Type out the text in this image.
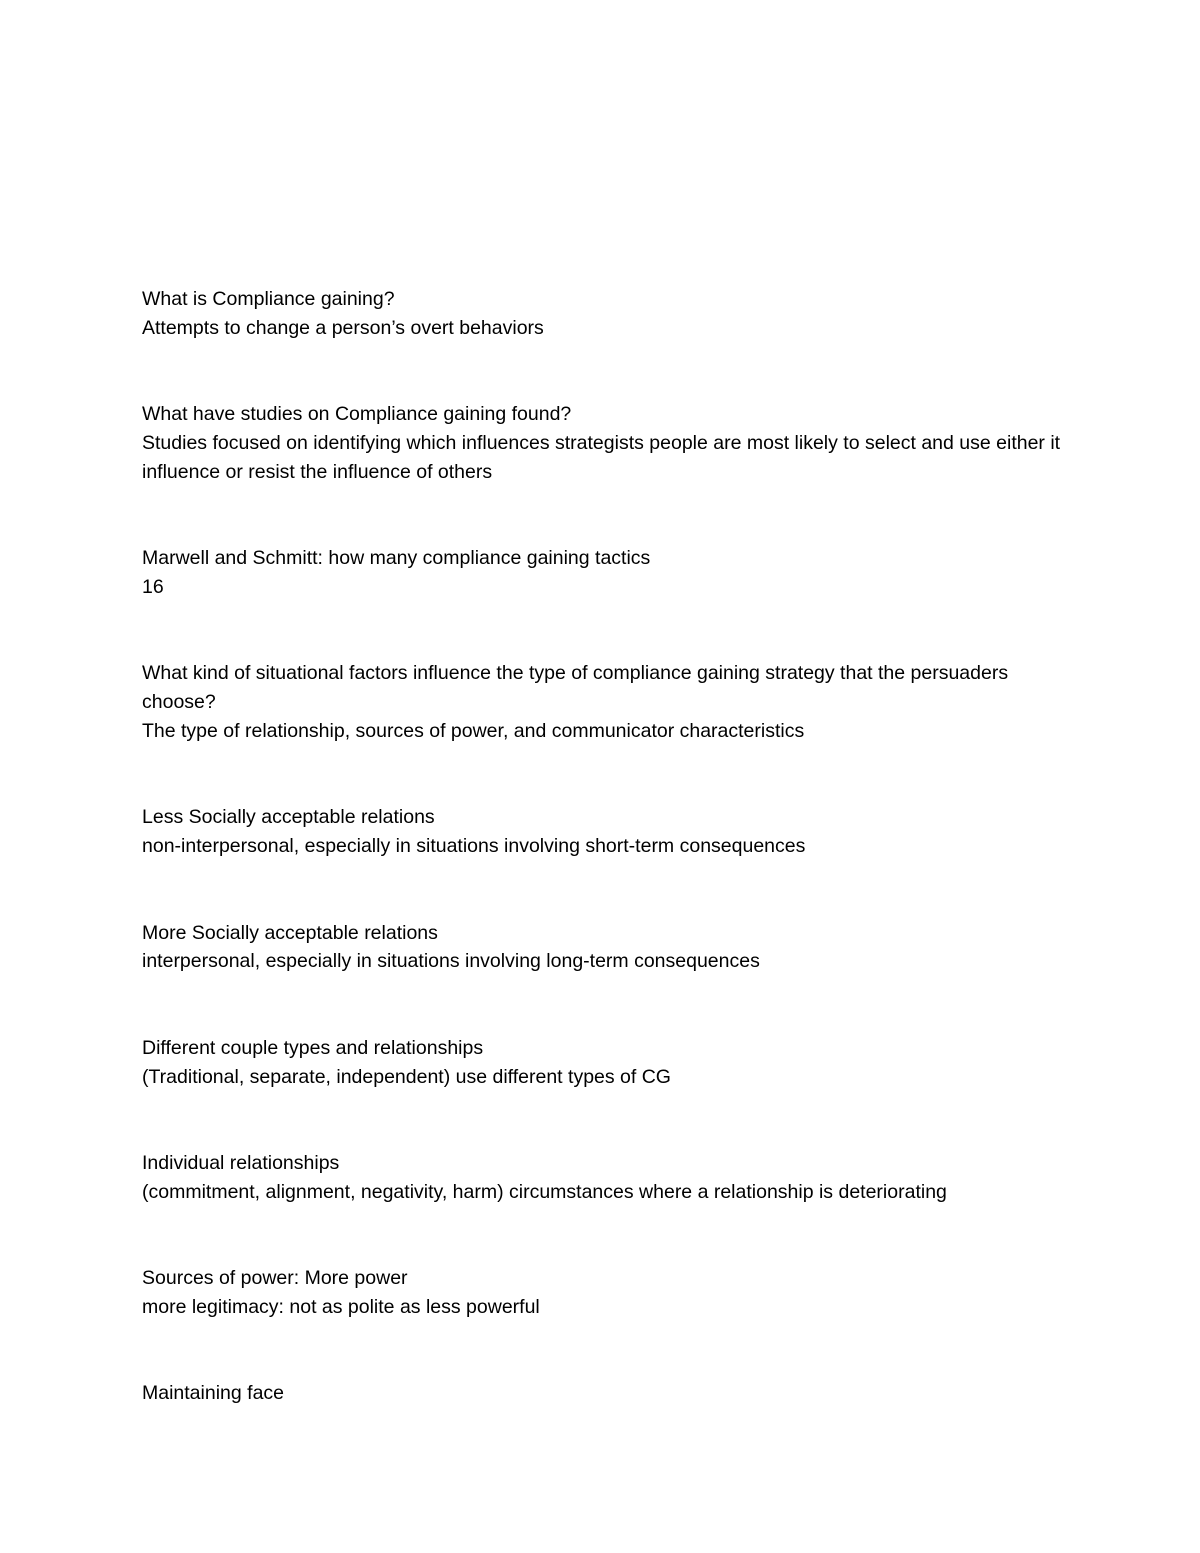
What is Compliance gaining?

Attempts to change a person’s overt behaviors

What have studies on Compliance gaining found?

Studies focused on identifying which influences strategists people are most likely to select and use either it influence or resist the influence of others

Marwell and Schmitt: how many compliance gaining tactics

16

What kind of situational factors influence the type of compliance gaining strategy that the persuaders choose?

The type of relationship, sources of power, and communicator characteristics

Less Socially acceptable relations

non-interpersonal, especially in situations involving short-term consequences

More Socially acceptable relations

interpersonal, especially in situations involving long-term consequences

Different couple types and relationships

(Traditional, separate, independent) use different types of CG

Individual relationships

(commitment, alignment, negativity, harm) circumstances where a relationship is deteriorating

Sources of power: More power

more legitimacy: not as polite as less powerful

Maintaining face
